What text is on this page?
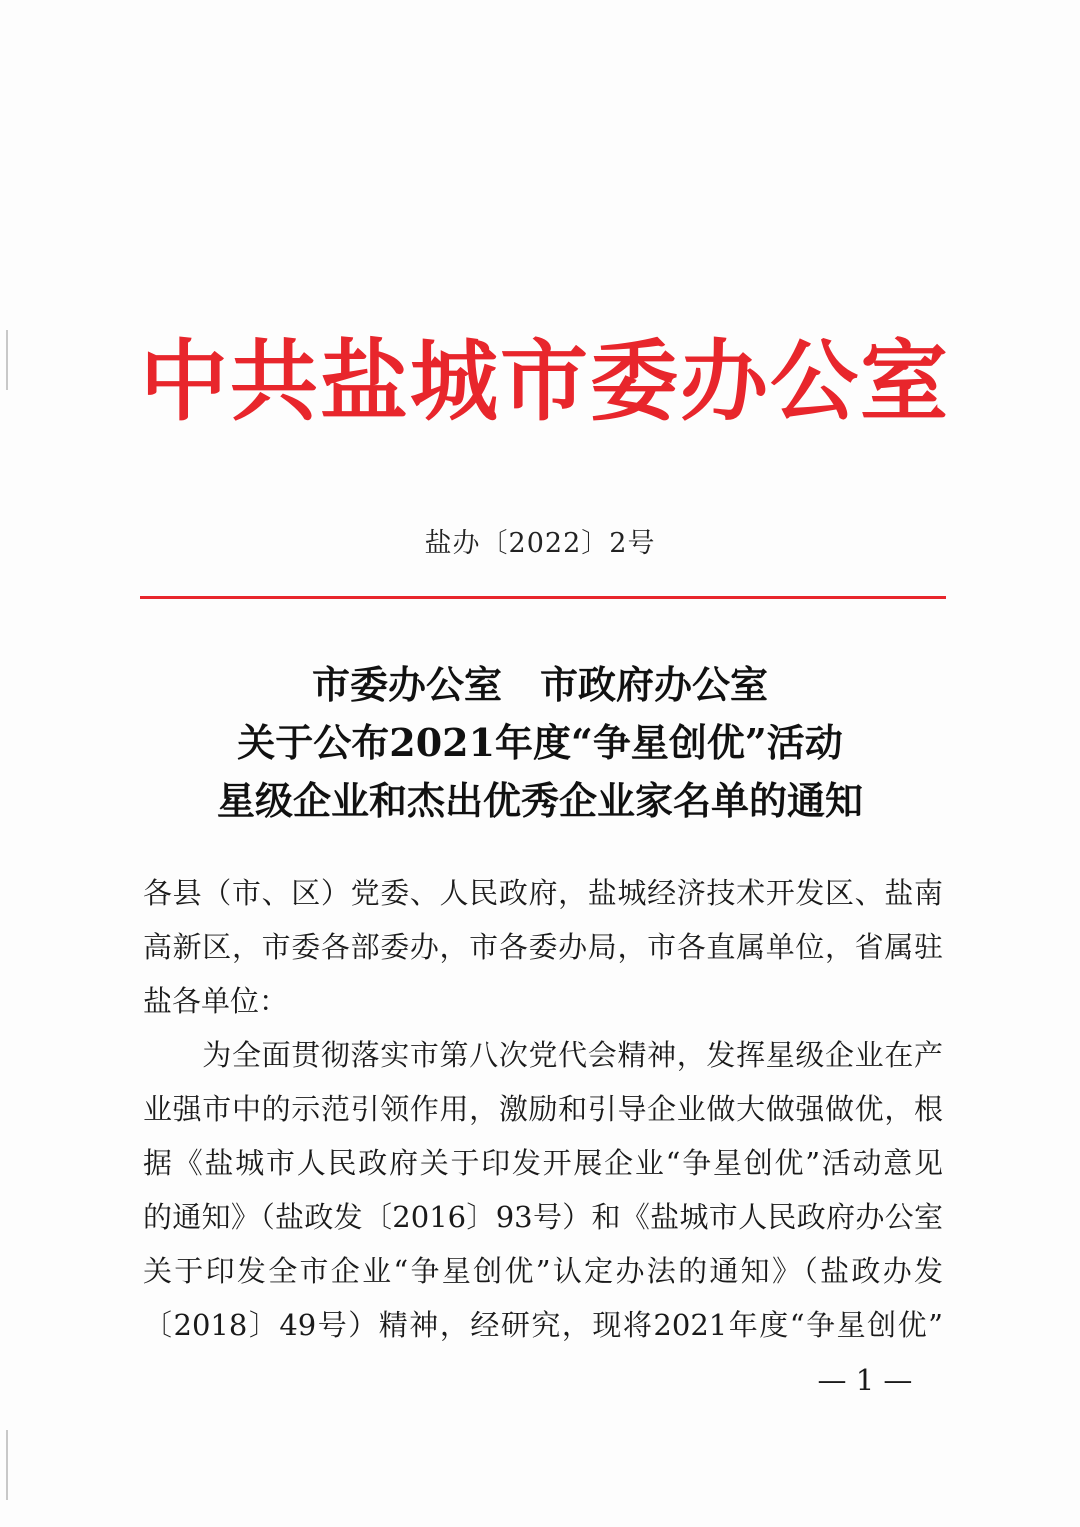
中共盐城市委办公室
盐办〔2022〕2号
市委办公室　市政府办公室
关于公布2021年度“争星创优”活动
星级企业和杰出优秀企业家名单的通知
各县（市、区）党委、人民政府，盐城经济技术开发区、盐南
高新区，市委各部委办，市各委办局，市各直属单位，省属驻
盐各单位：
　　为全面贯彻落实市第八次党代会精神，发挥星级企业在产
业强市中的示范引领作用，激励和引导企业做大做强做优，根
据《盐城市人民政府关于印发开展企业“争星创优”活动意见
的通知》（盐政发〔2016〕93号）和《盐城市人民政府办公室
关于印发全市企业“争星创优”认定办法的通知》（盐政办发
〔2018〕49号）精神，经研究，现将2021年度“争星创优”
— 1 —
